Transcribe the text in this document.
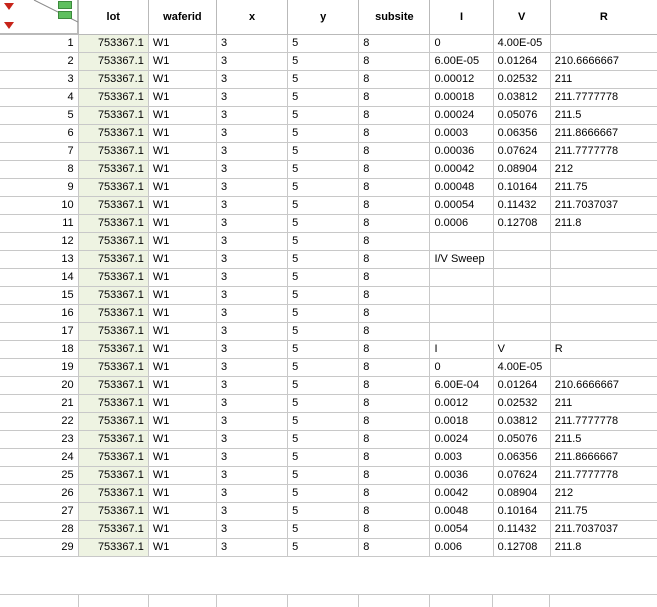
	lot	waferid	x	y	subsite	I	V	R
1	753367.1	W1	3	5	8	0	4.00E-05	
2	753367.1	W1	3	5	8	6.00E-05	0.01264	210.6666667
3	753367.1	W1	3	5	8	0.00012	0.02532	211
4	753367.1	W1	3	5	8	0.00018	0.03812	211.7777778
5	753367.1	W1	3	5	8	0.00024	0.05076	211.5
6	753367.1	W1	3	5	8	0.0003	0.06356	211.8666667
7	753367.1	W1	3	5	8	0.00036	0.07624	211.7777778
8	753367.1	W1	3	5	8	0.00042	0.08904	212
9	753367.1	W1	3	5	8	0.00048	0.10164	211.75
10	753367.1	W1	3	5	8	0.00054	0.11432	211.7037037
11	753367.1	W1	3	5	8	0.0006	0.12708	211.8
12	753367.1	W1	3	5	8			
13	753367.1	W1	3	5	8	I/V Sweep		
14	753367.1	W1	3	5	8			
15	753367.1	W1	3	5	8			
16	753367.1	W1	3	5	8			
17	753367.1	W1	3	5	8			
18	753367.1	W1	3	5	8	I	V	R
19	753367.1	W1	3	5	8	0	4.00E-05	
20	753367.1	W1	3	5	8	6.00E-04	0.01264	210.6666667
21	753367.1	W1	3	5	8	0.0012	0.02532	211
22	753367.1	W1	3	5	8	0.0018	0.03812	211.7777778
23	753367.1	W1	3	5	8	0.0024	0.05076	211.5
24	753367.1	W1	3	5	8	0.003	0.06356	211.8666667
25	753367.1	W1	3	5	8	0.0036	0.07624	211.7777778
26	753367.1	W1	3	5	8	0.0042	0.08904	212
27	753367.1	W1	3	5	8	0.0048	0.10164	211.75
28	753367.1	W1	3	5	8	0.0054	0.11432	211.7037037
29	753367.1	W1	3	5	8	0.006	0.12708	211.8
